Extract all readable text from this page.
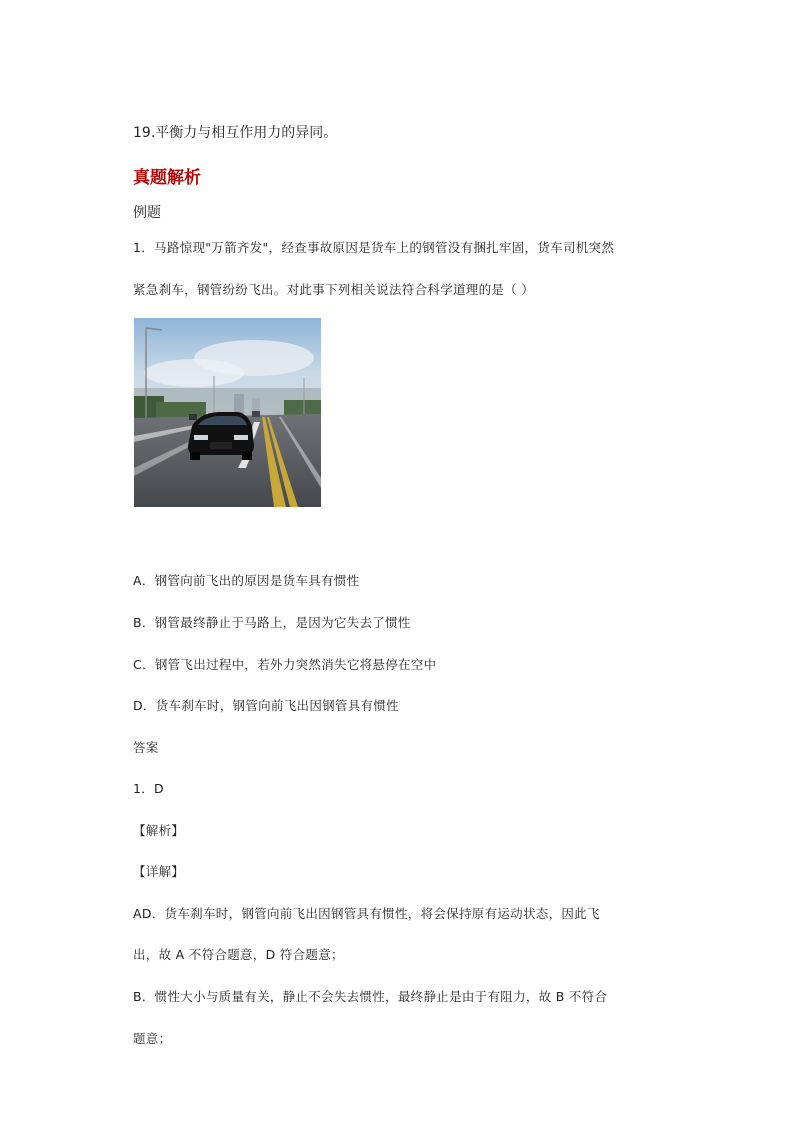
19.平衡力与相互作用力的异同。
真题解析
例题
1．马路惊现"万箭齐发"，经查事故原因是货车上的钢管没有捆扎牢固，货车司机突然
紧急刹车，钢管纷纷飞出。对此事下列相关说法符合科学道理的是（ ）
A．钢管向前飞出的原因是货车具有惯性
B．钢管最终静止于马路上，是因为它失去了惯性
C．钢管飞出过程中，若外力突然消失它将悬停在空中
D．货车刹车时，钢管向前飞出因钢管具有惯性
答案
1．D
【解析】
【详解】
AD．货车刹车时，钢管向前飞出因钢管具有惯性，将会保持原有运动状态，因此飞
出，故 A 不符合题意，D 符合题意；
B．惯性大小与质量有关，静止不会失去惯性，最终静止是由于有阻力，故 B 不符合
题意；
